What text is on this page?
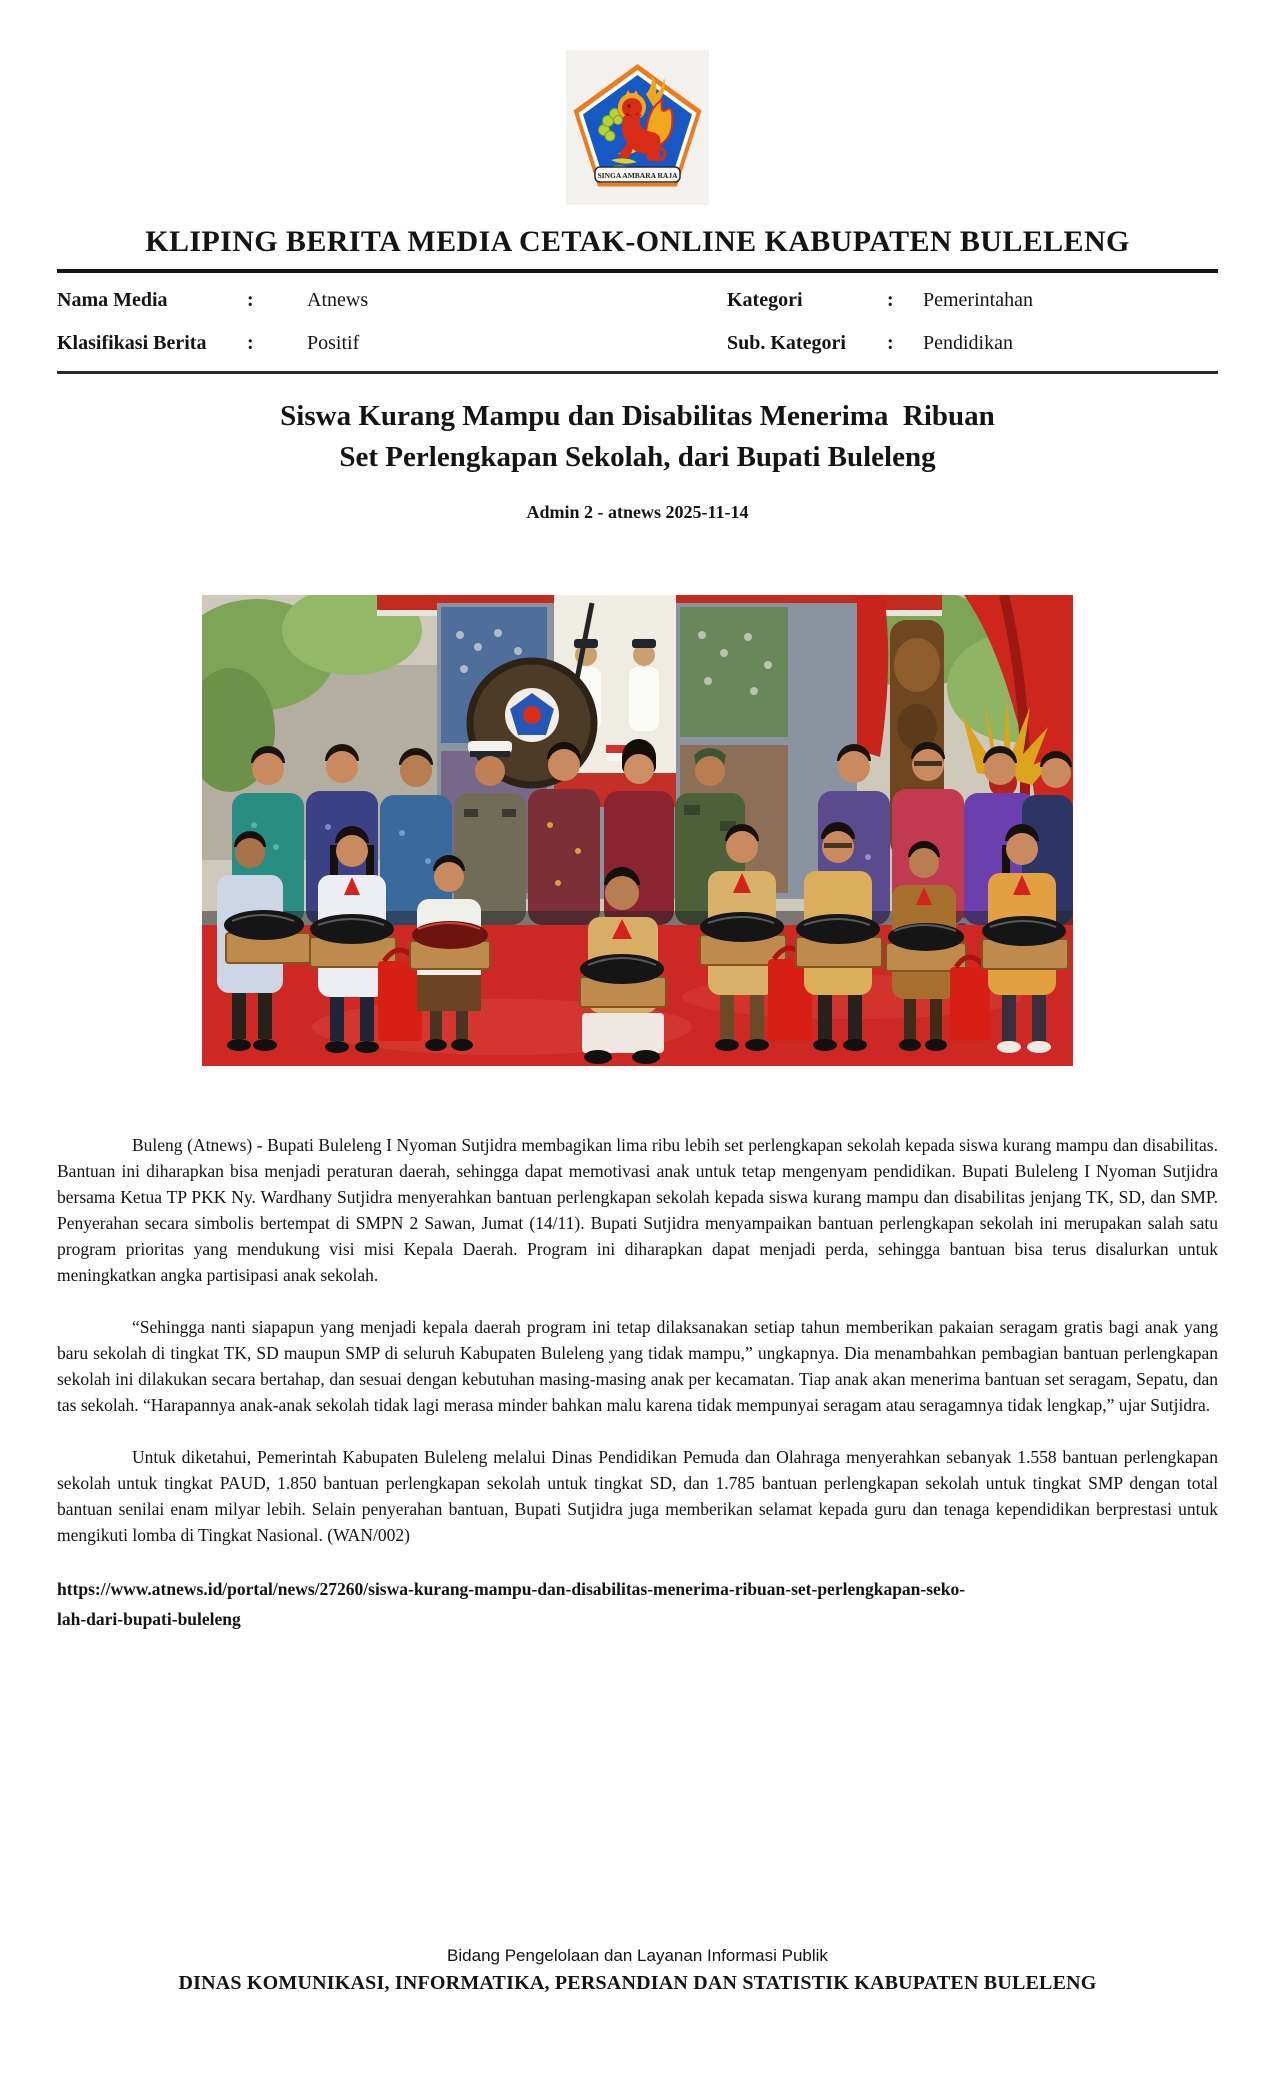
SINGA AMBARA RAJA
KLIPING BERITA MEDIA CETAK-ONLINE KABUPATEN BULELENG
Nama Media	:	Atnews	Kategori	:	Pemerintahan
Klasifikasi Berita	:	Positif	Sub. Kategori	:	Pendidikan
Siswa Kurang Mampu dan Disabilitas Menerima  Ribuan
Set Perlengkapan Sekolah, dari Bupati Buleleng
Admin 2 - atnews 2025-11-14

Buleng (Atnews) - Bupati Buleleng I Nyoman Sutjidra membagikan lima ribu lebih set perlengkapan sekolah kepada siswa kurang mampu dan disabilitas. Bantuan ini diharapkan bisa menjadi peraturan daerah, sehingga dapat memotivasi anak untuk tetap mengenyam pendidikan. Bupati Buleleng I Nyoman Sutjidra bersama Ketua TP PKK Ny. Wardhany Sutjidra menyerahkan bantuan perlengkapan sekolah kepada siswa kurang mampu dan disabilitas jenjang TK, SD, dan SMP. Penyerahan secara simbolis bertempat di SMPN 2 Sawan, Jumat (14/11). Bupati Sutjidra menyampaikan bantuan perlengkapan sekolah ini merupakan salah satu program prioritas yang mendukung visi misi Kepala Daerah. Program ini diharapkan dapat menjadi perda, sehingga bantuan bisa terus disalurkan untuk meningkatkan angka partisipasi anak sekolah.

“Sehingga nanti siapapun yang menjadi kepala daerah program ini tetap dilaksanakan setiap tahun memberikan pakaian seragam gratis bagi anak yang baru sekolah di tingkat TK, SD maupun SMP di seluruh Kabupaten Buleleng yang tidak mampu,” ungkapnya. Dia menambahkan pembagian bantuan perlengkapan sekolah ini dilakukan secara bertahap, dan sesuai dengan kebutuhan masing-masing anak per kecamatan. Tiap anak akan menerima bantuan set seragam, Sepatu, dan tas sekolah. “Harapannya anak-anak sekolah tidak lagi merasa minder bahkan malu karena tidak mempunyai seragam atau seragamnya tidak lengkap,” ujar Sutjidra.

Untuk diketahui, Pemerintah Kabupaten Buleleng melalui Dinas Pendidikan Pemuda dan Olahraga menyerahkan sebanyak 1.558 bantuan perlengkapan sekolah untuk tingkat PAUD, 1.850 bantuan perlengkapan sekolah untuk tingkat SD, dan 1.785 bantuan perlengkapan sekolah untuk tingkat SMP dengan total bantuan senilai enam milyar lebih. Selain penyerahan bantuan, Bupati Sutjidra juga memberikan selamat kepada guru dan tenaga kependidikan berprestasi untuk mengikuti lomba di Tingkat Nasional. (WAN/002)

https://www.atnews.id/portal/news/27260/siswa-kurang-mampu-dan-disabilitas-menerima-ribuan-set-perlengkapan-seko-
lah-dari-bupati-buleleng
Bidang Pengelolaan dan Layanan Informasi Publik
DINAS KOMUNIKASI, INFORMATIKA, PERSANDIAN DAN STATISTIK KABUPATEN BULELENG
